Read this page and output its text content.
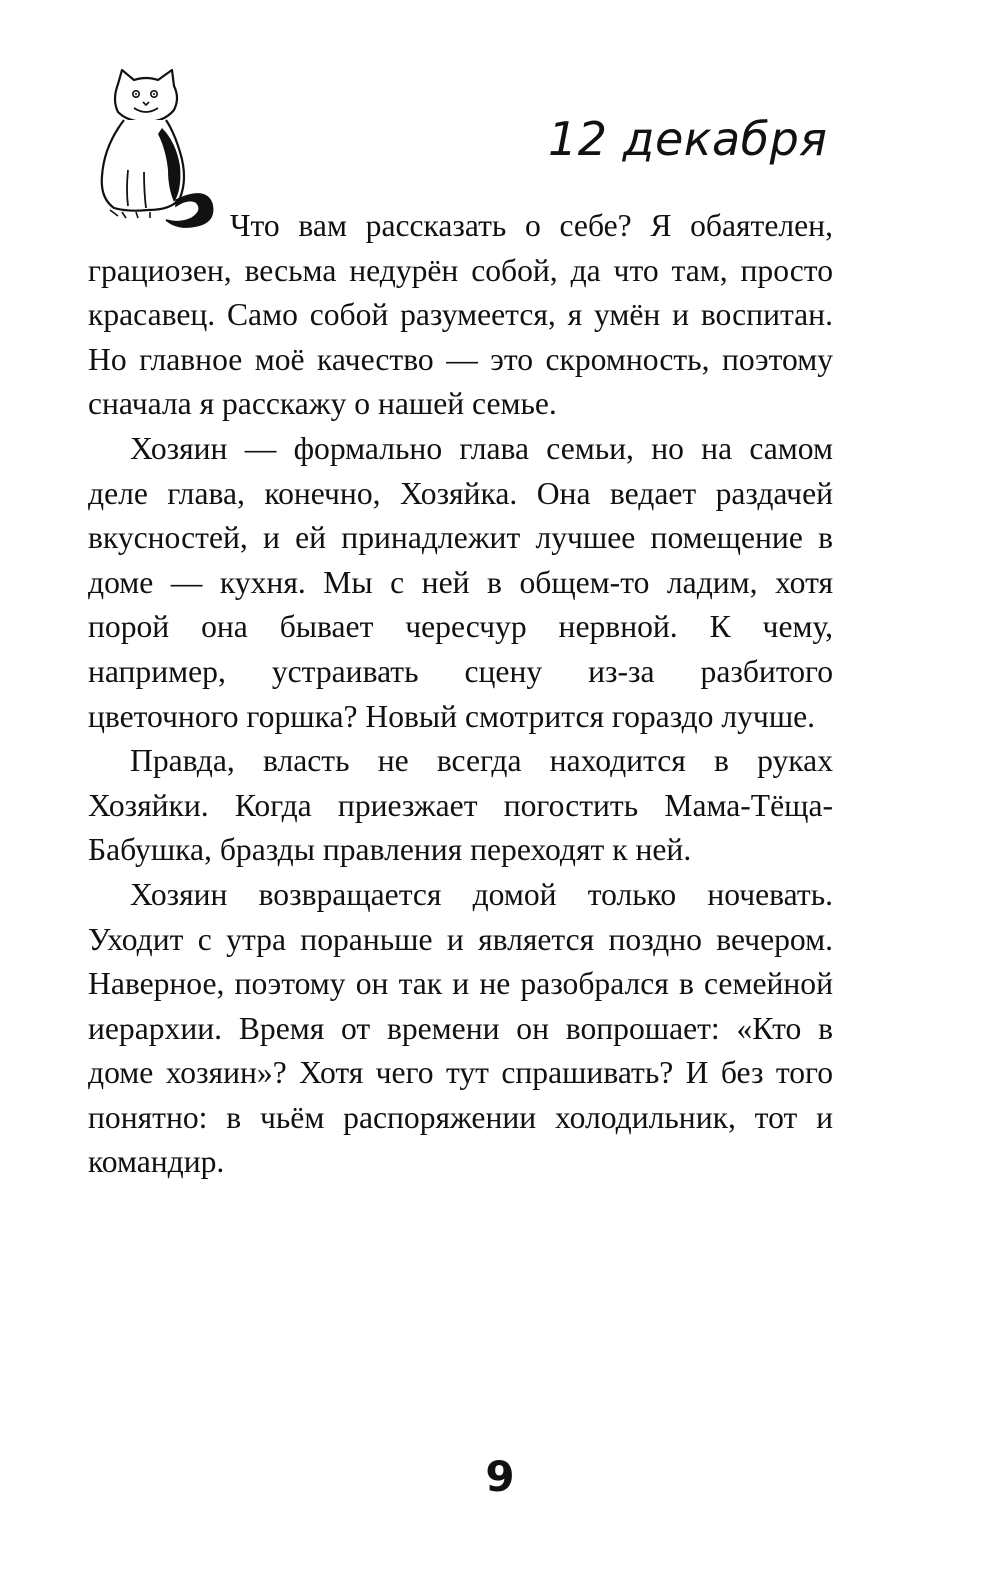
12 декабря

Что вам рассказать о себе? Я обаятелен, грациозен, весьма недурён собой, да что там, просто красавец. Само собой разумеется, я умён и воспитан. Но главное моё качество — это скромность, поэтому сначала я расскажу о нашей семье.

Хозяин — формально глава семьи, но на самом деле глава, конечно, Хозяйка. Она ведает раздачей вкусностей, и ей принадлежит лучшее помещение в доме — кухня. Мы с ней в общем-то ладим, хотя порой она бывает чересчур нервной. К чему, например, устраивать сцену из-за разбитого цветочного горшка? Новый смотрится гораздо лучше.

Правда, власть не всегда находится в руках Хозяйки. Когда приезжает погостить Мама-Тёща-Бабушка, бразды правления переходят к ней.

Хозяин возвращается домой только ночевать. Уходит с утра пораньше и является поздно вечером. Наверное, поэтому он так и не разобрался в семейной иерархии. Время от времени он вопрошает: «Кто в доме хозяин»? Хотя чего тут спрашивать? И без того понятно: в чьём распоряжении холодильник, тот и командир.

9
